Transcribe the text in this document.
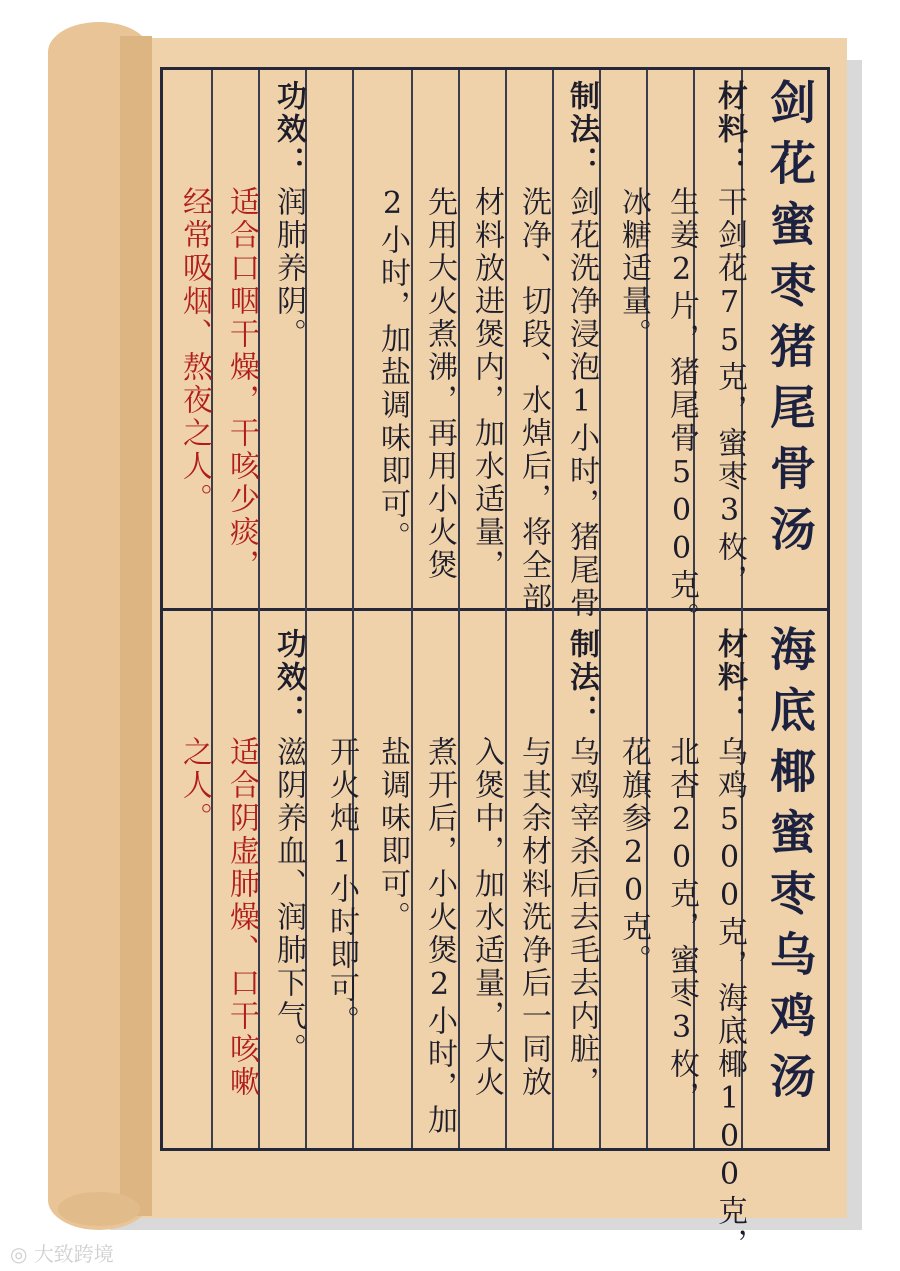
剑花蜜枣猪尾骨汤
材料：
干剑花75克，蜜枣3枚，
生姜2片，猪尾骨500克。
冰糖适量。
制法：
剑花洗净浸泡1小时，猪尾骨
洗净、切段、水焯后，将全部
材料放进煲内，加水适量，
先用大火煮沸，再用小火煲
2小时，加盐调味即可。
功效：
润肺养阴。
适合口咽干燥，干咳少痰，
经常吸烟、熬夜之人。
海底椰蜜枣乌鸡汤
材料：
乌鸡500克，海底椰100克，
北杏20克，蜜枣3枚，
花旗参20克。
制法：
乌鸡宰杀后去毛去内脏，
与其余材料洗净后一同放
入煲中，加水适量，大火
煮开后，小火煲2小时，加
盐调味即可。
开火炖1小时即可。
功效：
滋阴养血、润肺下气。
适合阴虚肺燥、口干咳嗽
之人。
◎ 大致跨境
